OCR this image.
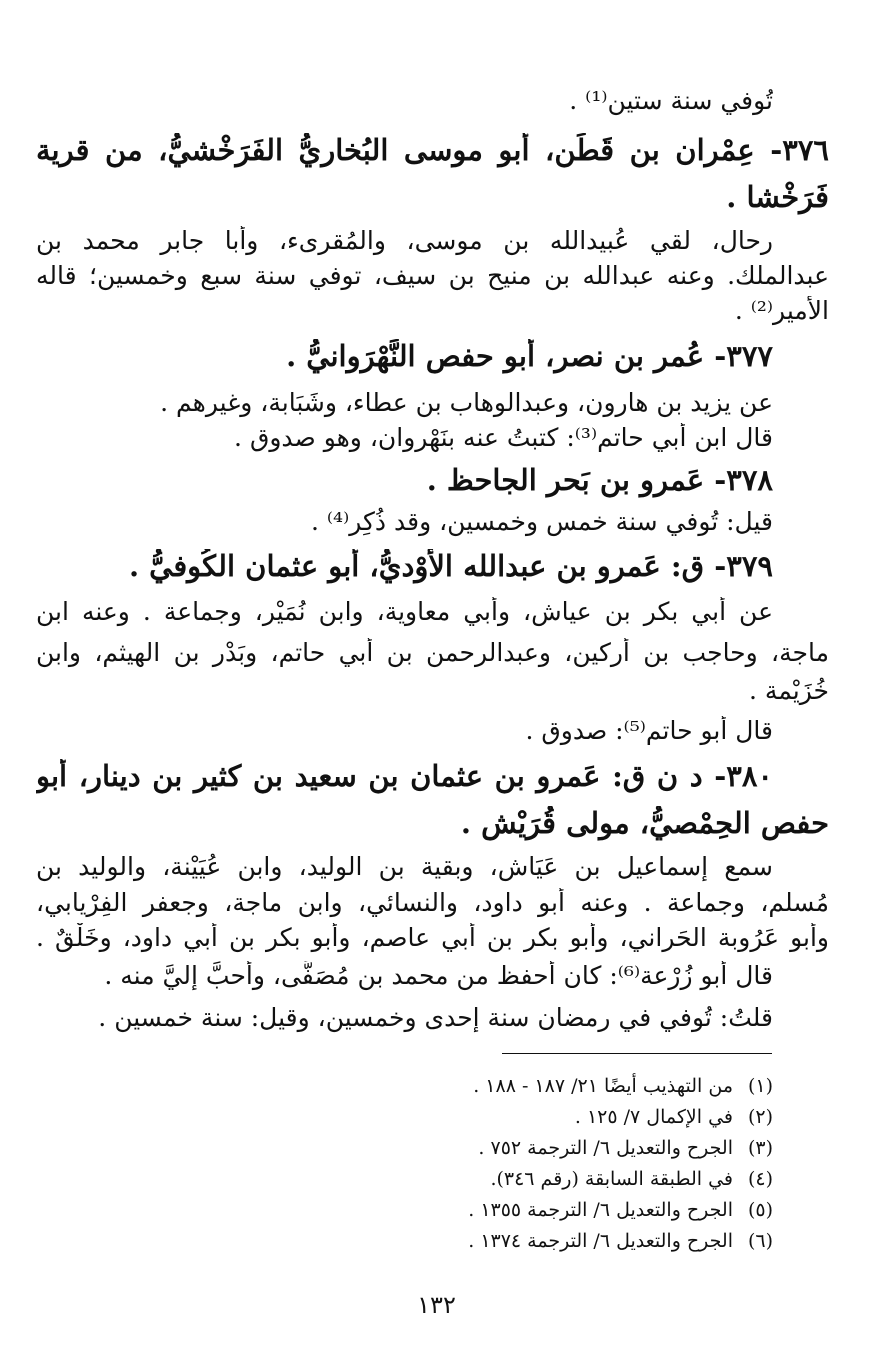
تُوفي سنة ستين⁽¹⁾ .
٣٧٦- عِمْران بن قَطَن، أبو موسى البُخاريُّ الفَرَخْشيُّ، من قرية
فَرَخْشا .
رحال، لقي عُبيدالله بن موسى، والمُقرىء، وأبا جابر محمد بن
عبدالملك. وعنه عبدالله بن منيح بن سيف، توفي سنة سبع وخمسين؛ قاله
الأمير⁽²⁾ .
٣٧٧- عُمر بن نصر، أبو حفص النَّهْرَوانيُّ .
عن يزيد بن هارون، وعبدالوهاب بن عطاء، وشَبَابة، وغيرهم .
قال ابن أبي حاتم⁽³⁾: كتبتُ عنه بنَهْروان، وهو صدوق .
٣٧٨- عَمرو بن بَحر الجاحظ .
قيل: تُوفي سنة خمسٍ وخمسين، وقد ذُكِر⁽⁴⁾ .
٣٧٩- ق: عَمرو بن عبدالله الأَوْديُّ، أبو عثمان الكُوفيُّ .
عن أبي بكر بن عياش، وأبي معاوية، وابن نُمَيْر، وجماعة . وعنه ابن
ماجة، وحاجب بن أركين، وعبدالرحمن بن أبي حاتم، وبَدْر بن الهيثم، وابن
خُزَيْمة .
قال أبو حاتم⁽⁵⁾: صدوق .
٣٨٠- د ن ق: عَمرو بن عثمان بن سعيد بن كثير بن دينار، أبو
حفص الحِمْصيُّ، مولى قُرَيْش .
سمع إسماعيل بن عَيَاش، وبقية بن الوليد، وابن عُيَيْنة، والوليد بن
مُسلم، وجماعة . وعنه أبو داود، والنسائي، وابن ماجة، وجعفر الفِرْيابي،
وأبو عَرُوبة الحَراني، وأبو بكر بن أبي عاصم، وأبو بكر بن أبي داود، وخَلْقٌ .
قال أبو زُرْعة⁽⁶⁾: كان أحفظ من محمد بن مُصَفَّى، وأحبَّ إليَّ منه .
قلتُ: تُوفي في رمضان سنة إحدى وخمسين، وقيل: سنة خمسين .
(١)من التهذيب أيضًا ٢١/ ١٨٧ - ١٨٨ .
(٢)في الإكمال ٧/ ١٢٥ .
(٣)الجرح والتعديل ٦/ الترجمة ٧٥٢ .
(٤)في الطبقة السابقة (رقم ٣٤٦).
(٥)الجرح والتعديل ٦/ الترجمة ١٣٥٥ .
(٦)الجرح والتعديل ٦/ الترجمة ١٣٧٤ .
١٣٢
